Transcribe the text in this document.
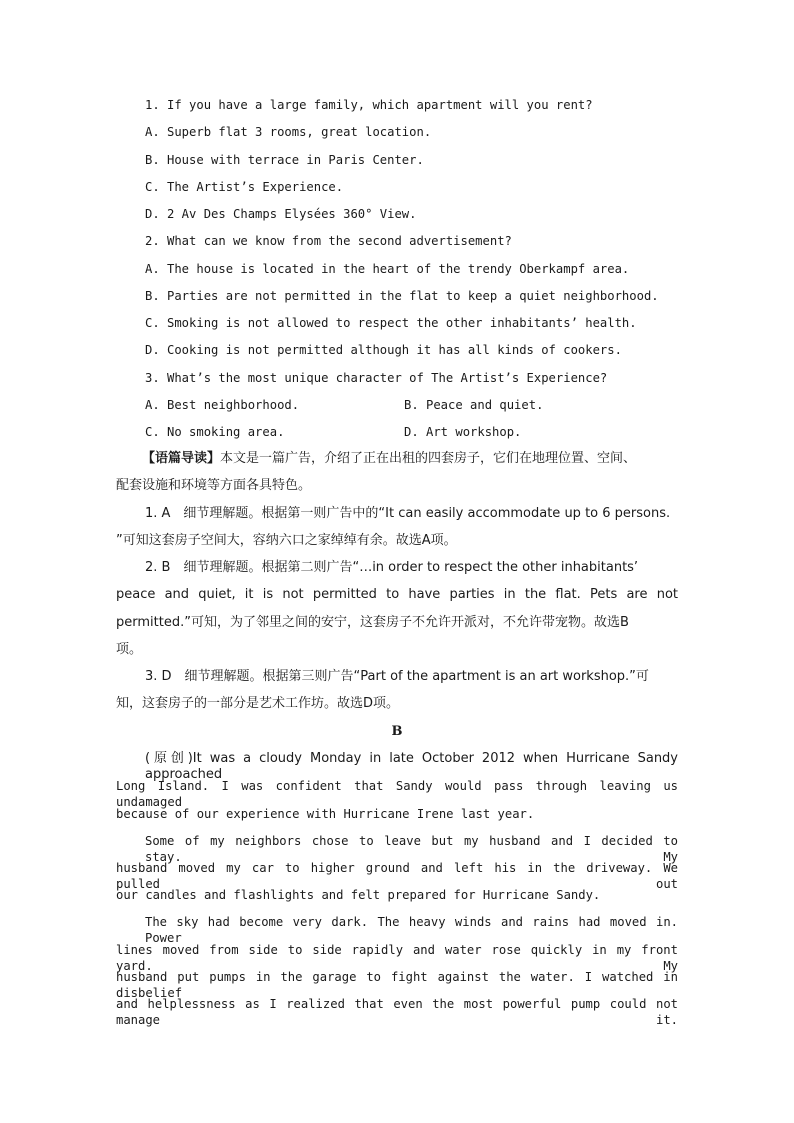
1. If you have a large family, which apartment will you rent?
A. Superb flat 3 rooms, great location.
B. House with terrace in Paris Center.
C. The Artist’s Experience.
D. 2 Av Des Champs Elysées 360° View.
2. What can we know from the second advertisement?
A. The house is located in the heart of the trendy Oberkampf area.
B. Parties are not permitted in the flat to keep a quiet neighborhood.
C. Smoking is not allowed to respect the other inhabitants’ health.
D. Cooking is not permitted although it has all kinds of cookers.
3. What’s the most unique character of The Artist’s Experience?
A. Best neighborhood.	B. Peace and quiet.
C. No smoking area.	D. Art workshop.
【语篇导读】本文是一篇广告，介绍了正在出租的四套房子，它们在地理位置、空间、
配套设施和环境等方面各具特色。
1. A　细节理解题。根据第一则广告中的“It can easily accommodate up to 6 persons.
”可知这套房子空间大，容纳六口之家绰绰有余。故选A项。
2. B　细节理解题。根据第二则广告“…in order to respect the other inhabitants’
peace and quiet, it is not permitted to have parties in the flat. Pets are not
permitted.”可知，为了邻里之间的安宁，这套房子不允许开派对，不允许带宠物。故选B
项。
3. D　细节理解题。根据第三则广告“Part of the apartment is an art workshop.”可
知，这套房子的一部分是艺术工作坊。故选D项。
B
(原创)It was a cloudy Monday in late October 2012 when Hurricane Sandy approached
Long Island. I was confident that Sandy would pass through leaving us undamaged
because of our experience with Hurricane Irene last year.
Some of my neighbors chose to leave but my husband and I decided to stay. My
husband moved my car to higher ground and left his in the driveway. We pulled out
our candles and flashlights and felt prepared for Hurricane Sandy.
The sky had become very dark. The heavy winds and rains had moved in. Power
lines moved from side to side rapidly and water rose quickly in my front yard. My
husband put pumps in the garage to fight against the water. I watched in disbelief
and helplessness as I realized that even the most powerful pump could not manage it.
